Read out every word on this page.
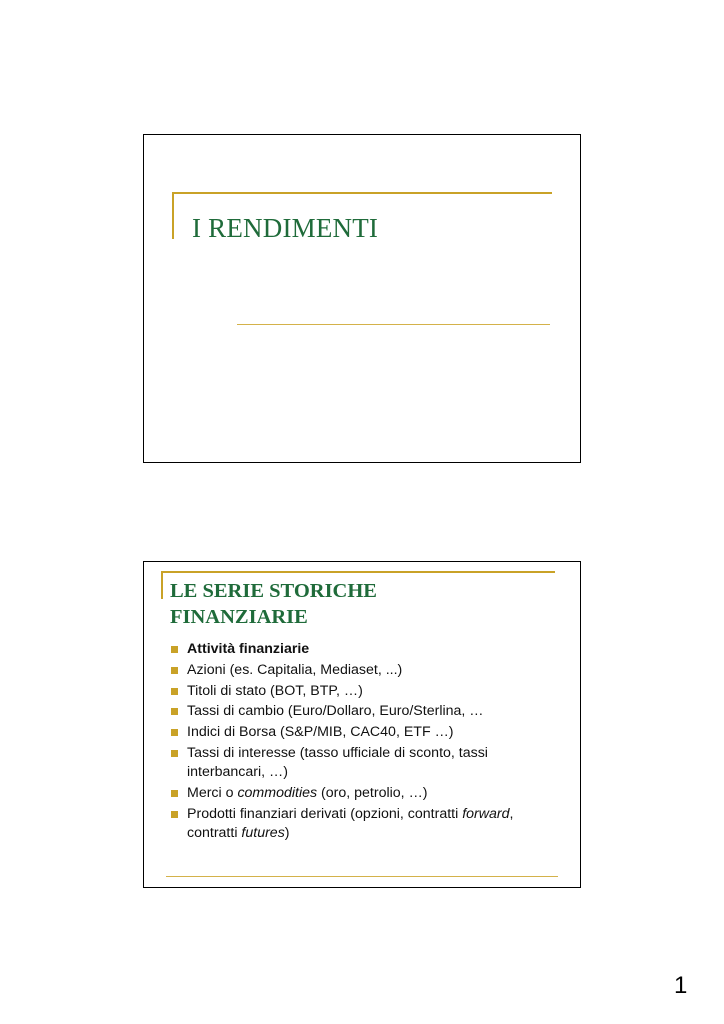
I RENDIMENTI
LE SERIE STORICHE
FINANZIARIE
Attività finanziarie
Azioni (es. Capitalia, Mediaset, ...)
Titoli di stato (BOT, BTP, …)
Tassi di cambio (Euro/Dollaro, Euro/Sterlina, …
Indici di Borsa (S&P/MIB, CAC40, ETF …)
Tassi di interesse (tasso ufficiale di sconto, tassi interbancari, …)
Merci o commodities (oro, petrolio, …)
Prodotti finanziari derivati (opzioni, contratti forward, contratti futures)

1
